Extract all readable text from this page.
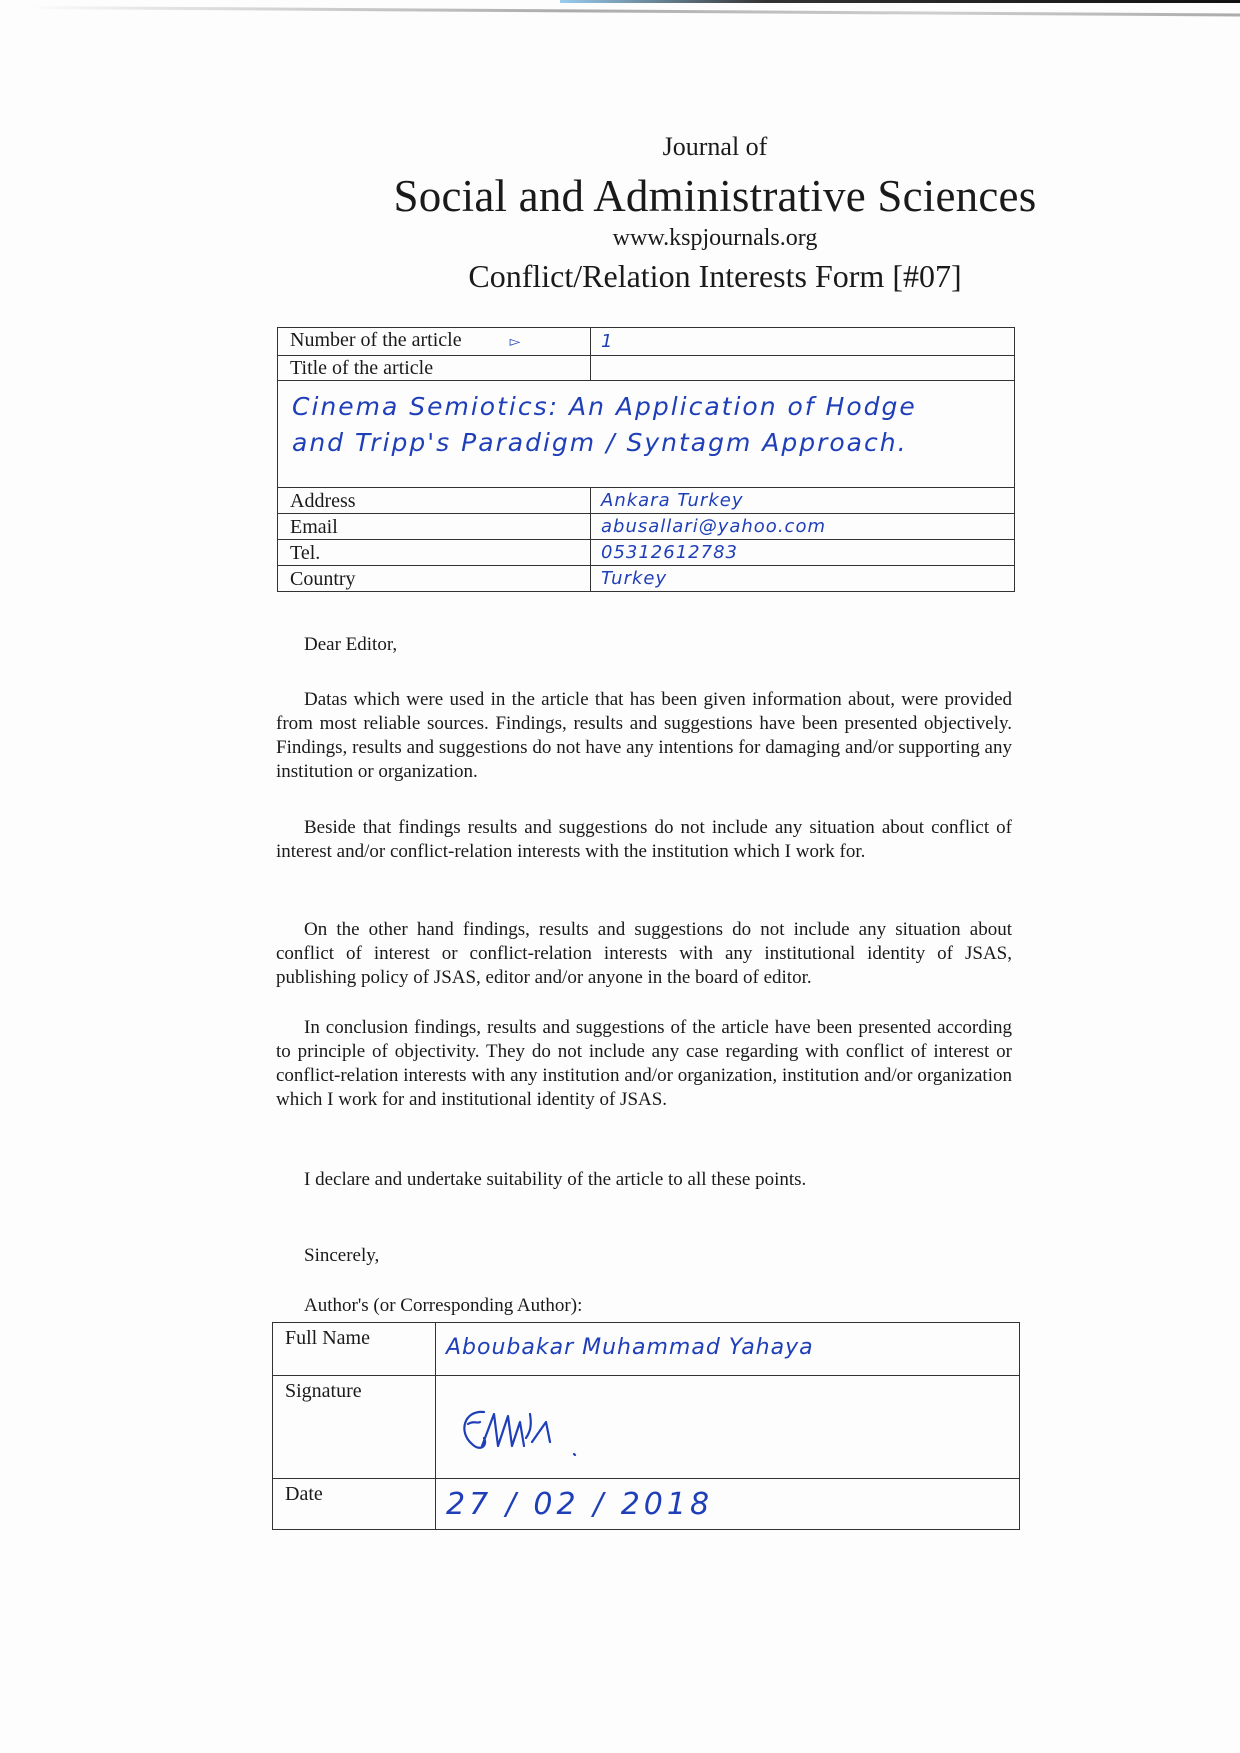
Journal of
Social and Administrative Sciences
www.kspjournals.org
Conflict/Relation Interests Form [#07]
Number of the article ▻	1
Title of the article	

Cinema Semiotics: An Application of Hodge
and Tripp's Paradigm / Syntagm Approach.	

Address	Ankara Turkey
Email	abusallari@yahoo.com
Tel.	05312612783
Country	Turkey
Dear Editor,

Datas which were used in the article that has been given information about, were provided from most reliable sources. Findings, results and suggestions have been presented objectively. Findings, results and suggestions do not have any intentions for damaging and/or supporting any institution or organization.

Beside that findings results and suggestions do not include any situation about conflict of interest and/or conflict-relation interests with the institution which I work for.

On the other hand findings, results and suggestions do not include any situation about conflict of interest or conflict-relation interests with any institutional identity of JSAS, publishing policy of JSAS, editor and/or anyone in the board of editor.

In conclusion findings, results and suggestions of the article have been presented according to principle of objectivity. They do not include any case regarding with conflict of interest or conflict-relation interests with any institution and/or organization, institution and/or organization which I work for and institutional identity of JSAS.

I declare and undertake suitability of the article to all these points.

Sincerely,

Author's (or Corresponding Author):

Full Name	Aboubakar Muhammad Yahaya
Signature	
Date	27 / 02 / 2018
